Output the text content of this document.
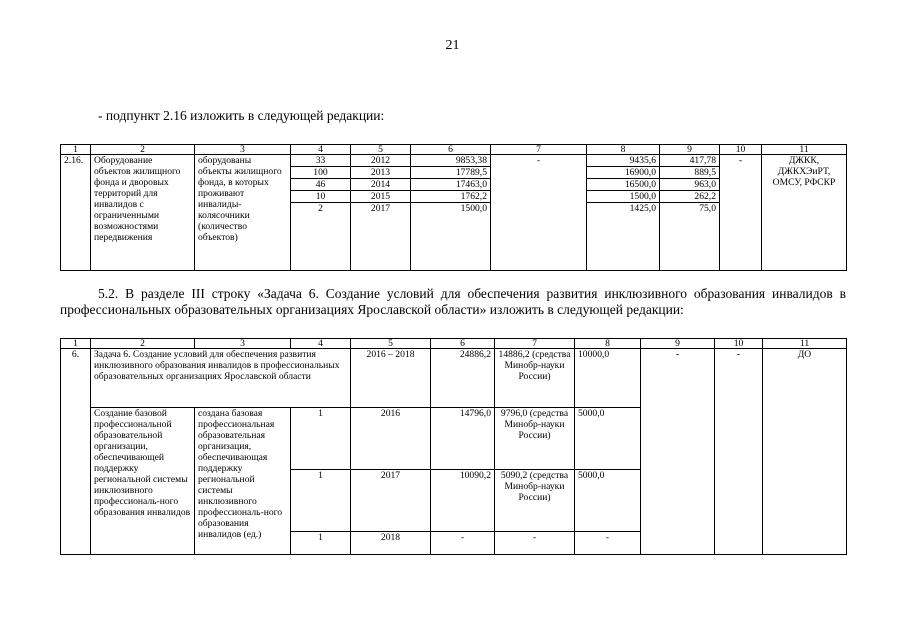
21
- подпункт 2.16 изложить в следующей редакции:
1	2	3	4	5	6	7	8	9	10	11
2.16.	Оборудование объектов жилищного фонда и дворовых территорий для инвалидов с ограниченными возможностями передвижения	оборудованы объекты жилищного фонда, в которых проживают инвалиды-колясочники (количество объектов)	33	2012	9853,38	-	9435,6	417,78	-	ДЖКК, ДЖКХЭиРТ, ОМСУ, РФСКР
			100	2013	17789,5		16900,0	889,5		
			46	2014	17463,0		16500,0	963,0		
			10	2015	1762,2		1500,0	262,2		
			2	2017	1500,0		1425,0	75,0		
5.2. В разделе III строку «Задача 6. Создание условий для обеспечения развития инклюзивного образования инвалидов в профессиональных образовательных организациях Ярославской области» изложить в следующей редакции:
1	2	3	4	5	6	7	8	9	10	11
6.	Задача 6. Создание условий для обеспечения развития инклюзивного образования инвалидов в профессиональных образовательных организациях Ярославской области			2016 – 2018	24886,2	14886,2 (средства Минобр-науки России)	10000,0	-	-	ДО
	Создание базовой профессиональной образовательной организации, обеспечивающей поддержку региональной системы инклюзивного профессиональ-ного образования инвалидов	создана базовая профессиональная образовательная организация, обеспечивающая поддержку региональной системы инклюзивного профессиональ-ного образования инвалидов (ед.)	1	2016	14796,0	9796,0 (средства Минобр-науки России)	5000,0			
			1	2017	10090,2	5090,2 (средства Минобр-науки России)	5000,0			
			1	2018	-	-	-			
